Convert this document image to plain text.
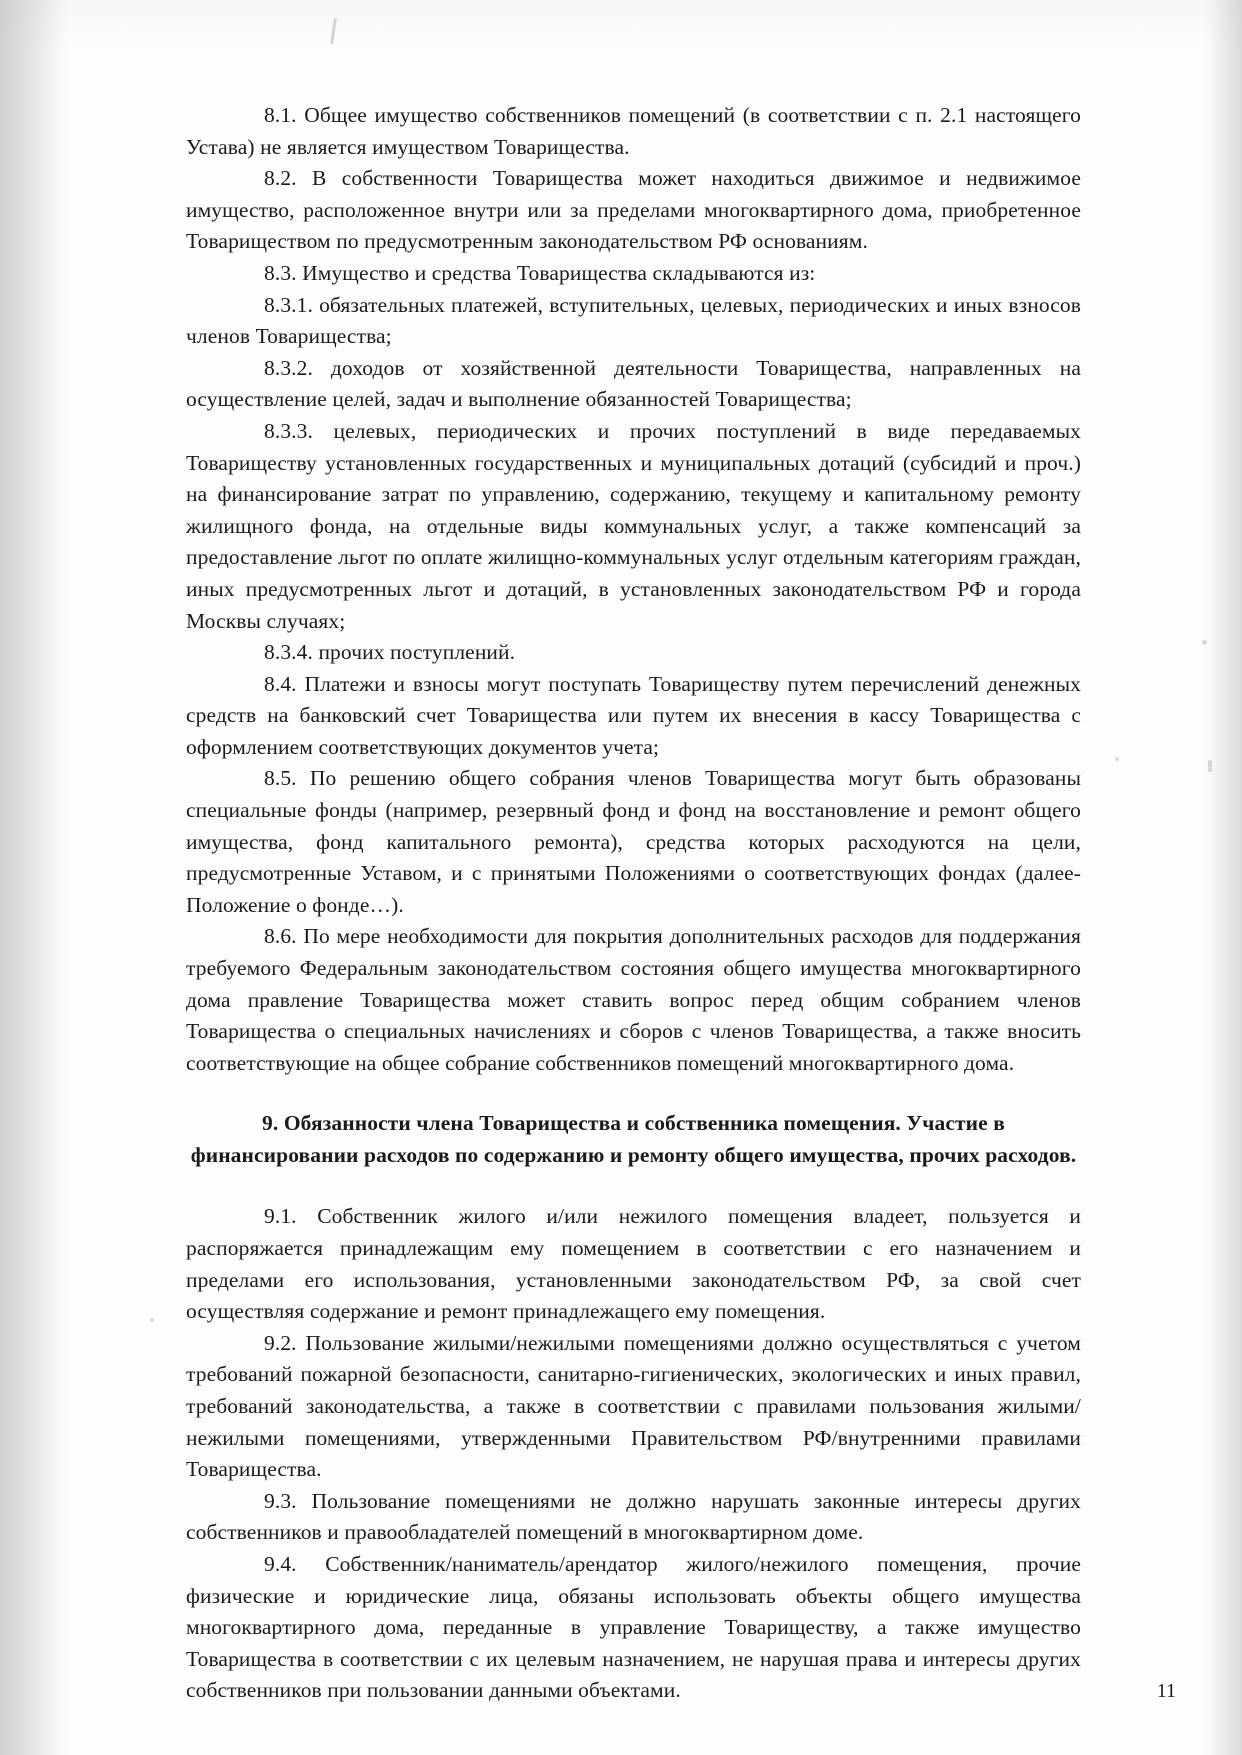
8.1. Общее имущество собственников помещений (в соответствии с п. 2.1 настоящего Устава) не является имуществом Товарищества.

8.2. В собственности Товарищества может находиться движимое и недвижимое имущество, расположенное внутри или за пределами многоквартирного дома, приобретенное Товариществом по предусмотренным законодательством РФ основаниям.

8.3. Имущество и средства Товарищества складываются из:

8.3.1. обязательных платежей, вступительных, целевых, периодических и иных взносов членов Товарищества;

8.3.2. доходов от хозяйственной деятельности Товарищества, направленных на осуществление целей, задач и выполнение обязанностей Товарищества;

8.3.3. целевых, периодических и прочих поступлений в виде передаваемых Товариществу установленных государственных и муниципальных дотаций (субсидий и проч.) на финансирование затрат по управлению, содержанию, текущему и капитальному ремонту жилищного фонда, на отдельные виды коммунальных услуг, а также компенсаций за предоставление льгот по оплате жилищно-коммунальных услуг отдельным категориям граждан, иных предусмотренных льгот и дотаций, в установленных законодательством РФ и города Москвы случаях;

8.3.4. прочих поступлений.

8.4. Платежи и взносы могут поступать Товариществу путем перечислений денежных средств на банковский счет Товарищества или путем их внесения в кассу Товарищества с оформлением соответствующих документов учета;

8.5. По решению общего собрания членов Товарищества могут быть образованы специальные фонды (например, резервный фонд и фонд на восстановление и ремонт общего имущества, фонд капитального ремонта), средства которых расходуются на цели, предусмотренные Уставом, и с принятыми Положениями о соответствующих фондах (далее- Положение о фонде…).

8.6. По мере необходимости для покрытия дополнительных расходов для поддержания требуемого Федеральным законодательством состояния общего имущества многоквартирного дома правление Товарищества может ставить вопрос перед общим собранием членов Товарищества о специальных начислениях и сборов с членов Товарищества, а также вносить соответствующие на общее собрание собственников помещений многоквартирного дома.

9. Обязанности члена Товарищества и собственника помещения. Участие в финансировании расходов по содержанию и ремонту общего имущества, прочих расходов.

9.1. Собственник жилого и/или нежилого помещения владеет, пользуется и распоряжается принадлежащим ему помещением в соответствии с его назначением и пределами его использования, установленными законодательством РФ, за свой счет осуществляя содержание и ремонт принадлежащего ему помещения.

9.2. Пользование жилыми/нежилыми помещениями должно осуществляться с учетом требований пожарной безопасности, санитарно-гигиенических, экологических и иных правил, требований законодательства, а также в соответствии с правилами пользования жилыми/нежилыми помещениями, утвержденными Правительством РФ/внутренними правилами Товарищества.

9.3. Пользование помещениями не должно нарушать законные интересы других собственников и правообладателей помещений в многоквартирном доме.

9.4. Собственник/наниматель/арендатор жилого/нежилого помещения, прочие физические и юридические лица, обязаны использовать объекты общего имущества многоквартирного дома, переданные в управление Товариществу, а также имущество Товарищества в соответствии с их целевым назначением, не нарушая права и интересы других собственников при пользовании данными объектами.	11
